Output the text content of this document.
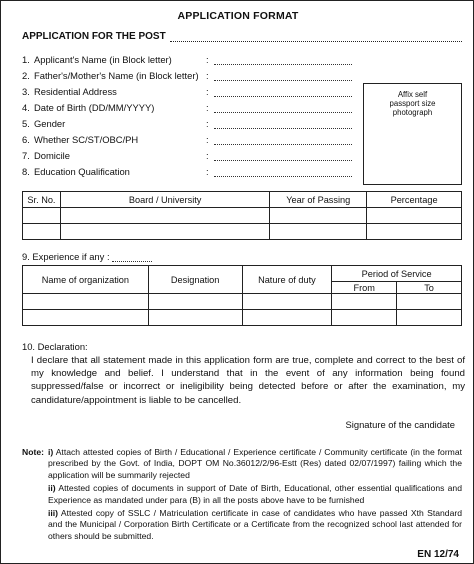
APPLICATION FORMAT
APPLICATION FOR THE POST
1. Applicant's Name (in Block letter)	:
2. Father's/Mother's Name (in Block letter) :
3. Residential Address	:
4. Date of Birth (DD/MM/YYYY)	:
5. Gender	:
6. Whether SC/ST/OBC/PH	:
7. Domicile	:
8. Education Qualification	:
Affix self
passport size
photograph
Sr. No.	Board / University	Year of Passing	Percentage

9. Experience if any :
Name of organization	Designation	Nature of duty	Period of Service	
			From	To

10. Declaration:
I declare that all statement made in this application form are true, complete and correct to the best of my knowledge and belief. I understand that in the event of any information being found suppressed/false or incorrect or ineligibility being detected before or after the examination, my candidature/appointment is liable to be cancelled.
Signature of the candidate
Note: i) Attach attested copies of Birth / Educational / Experience certificate / Community certificate (in the format prescribed by the Govt. of India, DOPT OM No.36012/2/96-Estt (Res) dated 02/07/1997) failing which the application will be summarily rejected
ii) Attested copies of documents in support of Date of Birth, Educational, other essential qualifications and Experience as mandated under para (B) in all the posts above have to be furnished
iii) Attested copy of SSLC / Matriculation certificate in case of candidates who have passed Xth Standard and the Municipal / Corporation Birth Certificate or a Certificate from the recognized school last attended for others should be submitted.
EN 12/74
